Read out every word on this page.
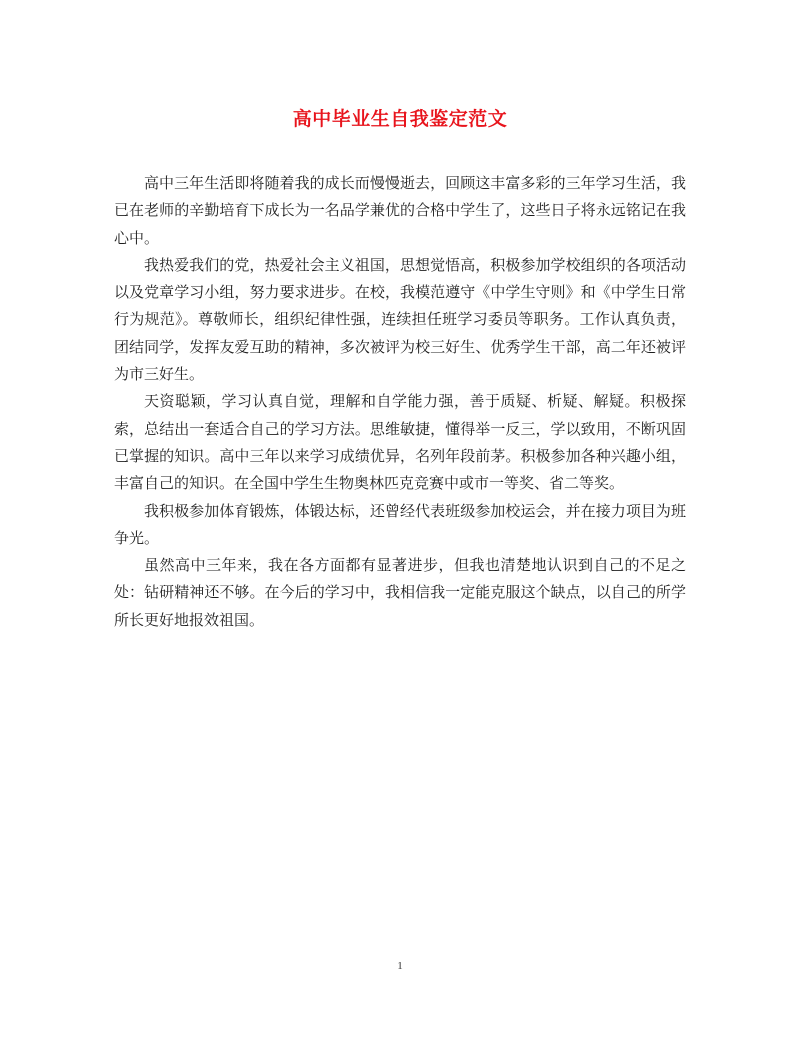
高中毕业生自我鉴定范文

高中三年生活即将随着我的成长而慢慢逝去，回顾这丰富多彩的三年学习生活，我已在老师的辛勤培育下成长为一名品学兼优的合格中学生了，这些日子将永远铭记在我心中。

我热爱我们的党，热爱社会主义祖国，思想觉悟高，积极参加学校组织的各项活动以及党章学习小组，努力要求进步。在校，我模范遵守《中学生守则》和《中学生日常行为规范》。尊敬师长，组织纪律性强，连续担任班学习委员等职务。工作认真负责，团结同学，发挥友爱互助的精神，多次被评为校三好生、优秀学生干部，高二年还被评为市三好生。

天资聪颖，学习认真自觉，理解和自学能力强，善于质疑、析疑、解疑。积极探索，总结出一套适合自己的学习方法。思维敏捷，懂得举一反三，学以致用，不断巩固已掌握的知识。高中三年以来学习成绩优异，名列年段前茅。积极参加各种兴趣小组，丰富自己的知识。在全国中学生生物奥林匹克竞赛中或市一等奖、省二等奖。

我积极参加体育锻炼，体锻达标，还曾经代表班级参加校运会，并在接力项目为班争光。

虽然高中三年来，我在各方面都有显著进步，但我也清楚地认识到自己的不足之处：钻研精神还不够。在今后的学习中，我相信我一定能克服这个缺点，以自己的所学所长更好地报效祖国。

1
